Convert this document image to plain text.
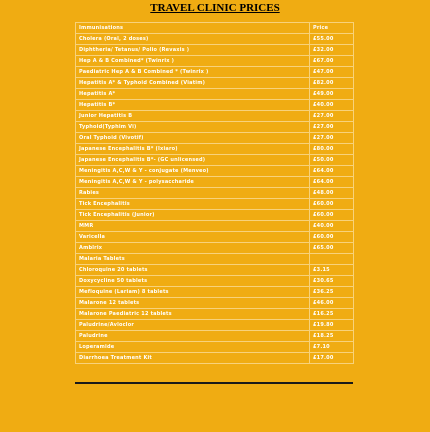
TRAVEL CLINIC PRICES
Immunisations	Price
Cholera (Oral, 2 doses)	£55.00
Diphtheria/ Tetanus/ Polio (Revaxis )	£32.00
Hep A & B Combined* (Twinrix )	£67.00
Paediatric Hep A & B Combined * (Twinrix )	£47.00
Hepatitis A* & Typhoid Combined (Viatim)	£82.00
Hepatitis A*	£49.00
Hepatitis B*	£40.00
Junior Hepatitis B	£27.00
Typhoid(Typhim Vi)	£27.00
Oral Typhoid (Vivotif)	£27.00
Japanese Encephalitis B* (Ixiaro)	£80.00
Japanese Encephalitis B*- (GC unlicensed)	£50.00
Meningitis A,C,W & Y - conjugate (Menveo)	£64.00
Meningitis A,C,W & Y - polysaccharide	£64.00
Rabies	£48.00
Tick Encephalitis	£60.00
Tick Encephalitis (Junior)	£60.00
MMR	£40.00
Varicella	£60.00
Amblrix	£65.00
Malaria Tablets	
Chloroquine 20 tablets	£3.15
Doxycycline 50 tablets	£30.65
Mefloquine (Lariam) 8 tablets	£36.25
Malarone 12 tablets	£46.00
Malarone Paediatric 12 tablets	£16.25
Paludrine/Avloclor	£19.80
Paludrine	£18.25
Loperamide	£7.10
Diarrhoea Treatment Kit	£17.00
